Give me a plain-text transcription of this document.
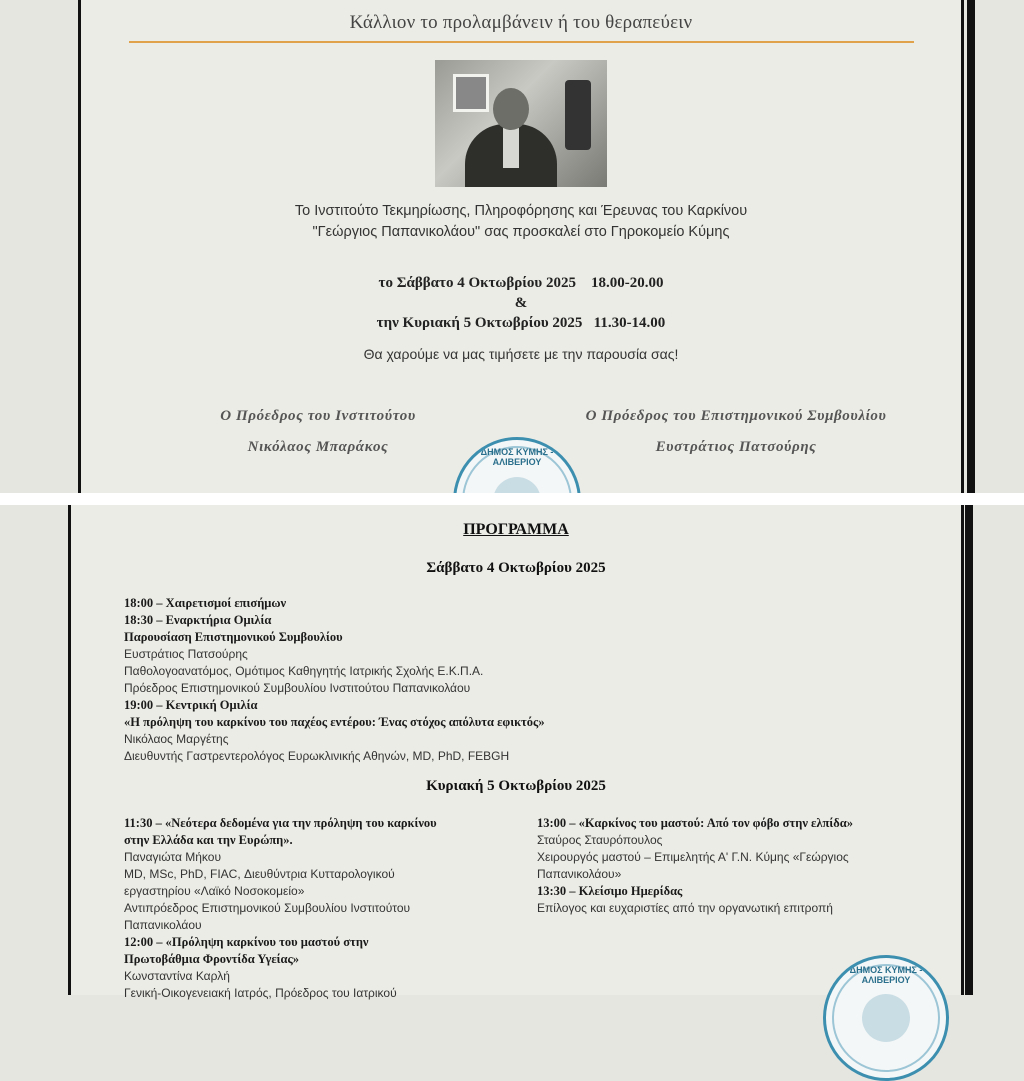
Κάλλιον το προλαμβάνειν ή του θεραπεύειν
Το Ινστιτούτο Τεκμηρίωσης, Πληροφόρησης και Έρευνας του Καρκίνου
"Γεώργιος Παπανικολάου" σας προσκαλεί στο Γηροκομείο Κύμης
το Σάββατο 4 Οκτωβρίου 2025    18.00-20.00
&
την Κυριακή 5 Οκτωβρίου 2025   11.30-14.00
Θα χαρούμε να μας τιμήσετε με την παρουσία σας!
Ο Πρόεδρος του Ινστιτούτου
Νικόλαος Μπαράκος
Ο Πρόεδρος του Επιστημονικού Συμβουλίου
Ευστράτιος Πατσούρης
ΔΗΜΟΣ ΚΥΜΗΣ - ΑΛΙΒΕΡΙΟΥ
ΠΡΟΓΡΑΜΜΑ
Σάββατο 4 Οκτωβρίου 2025
18:00 – Χαιρετισμοί επισήμων
18:30 – Εναρκτήρια Ομιλία
Παρουσίαση Επιστημονικού Συμβουλίου
Ευστράτιος Πατσούρης
Παθολογοανατόμος, Ομότιμος Καθηγητής Ιατρικής Σχολής Ε.Κ.Π.Α.
Πρόεδρος Επιστημονικού Συμβουλίου Ινστιτούτου Παπανικολάου
19:00 – Κεντρική Ομιλία
«Η πρόληψη του καρκίνου του παχέος εντέρου: Ένας στόχος απόλυτα εφικτός»
Νικόλαος Μαργέτης
Διευθυντής Γαστρεντερολόγος Ευρωκλινικής Αθηνών, MD, PhD, FEBGH
Κυριακή 5 Οκτωβρίου 2025
11:30 – «Νεότερα δεδομένα για την πρόληψη του καρκίνου
στην Ελλάδα και την Ευρώπη».
Παναγιώτα Μήκου
MD, MSc, PhD, FIAC, Διευθύντρια Κυτταρολογικού
εργαστηρίου «Λαϊκό Νοσοκομείο»
Αντιπρόεδρος Επιστημονικού Συμβουλίου Ινστιτούτου
Παπανικολάου
12:00 – «Πρόληψη καρκίνου του μαστού στην
Πρωτοβάθμια Φροντίδα Υγείας»
Κωνσταντίνα Καρλή
Γενική-Οικογενειακή Ιατρός, Πρόεδρος του Ιατρικού
13:00 – «Καρκίνος του μαστού: Από τον φόβο στην ελπίδα»
Σταύρος Σταυρόπουλος
Χειρουργός μαστού – Επιμελητής Α' Γ.Ν. Κύμης «Γεώργιος
Παπανικολάου»
13:30 – Κλείσιμο Ημερίδας
Επίλογος και ευχαριστίες από την οργανωτική επιτροπή
ΔΗΜΟΣ ΚΥΜΗΣ - ΑΛΙΒΕΡΙΟΥ
